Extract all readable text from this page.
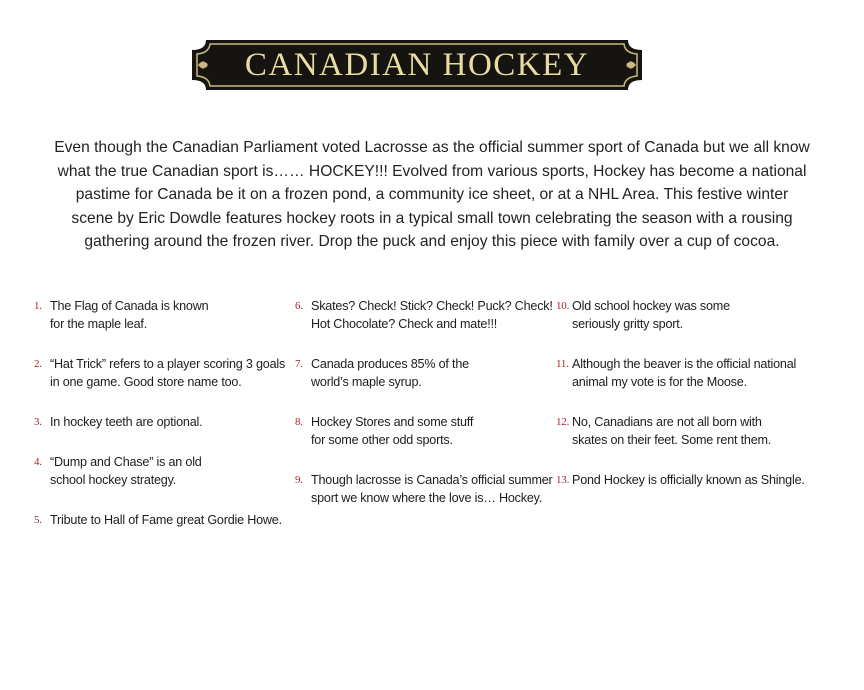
CANADIAN HOCKEY
Even though the Canadian Parliament voted Lacrosse as the official summer sport of Canada but we all know
what the true Canadian sport is…… HOCKEY!!! Evolved from various sports, Hockey has become a national
pastime for Canada be it on a frozen pond, a community ice sheet, or at a NHL Area. This festive winter
scene by Eric Dowdle features hockey roots in a typical small town celebrating the season with a rousing
gathering around the frozen river. Drop the puck and enjoy this piece with family over a cup of cocoa.
1. The Flag of Canada is known
for the maple leaf.
2. “Hat Trick” refers to a player scoring 3 goals
in one game. Good store name too.
3. In hockey teeth are optional.
4. “Dump and Chase” is an old
school hockey strategy.
5. Tribute to Hall of Fame great Gordie Howe.
6. Skates? Check! Stick? Check! Puck? Check!
Hot Chocolate? Check and mate!!!
7. Canada produces 85% of the
world’s maple syrup.
8. Hockey Stores and some stuff
for some other odd sports.
9. Though lacrosse is Canada’s official summer
sport we know where the love is… Hockey.
10. Old school hockey was some
seriously gritty sport.
11. Although the beaver is the official national
animal my vote is for the Moose.
12. No, Canadians are not all born with
skates on their feet. Some rent them.
13. Pond Hockey is officially known as Shingle.
